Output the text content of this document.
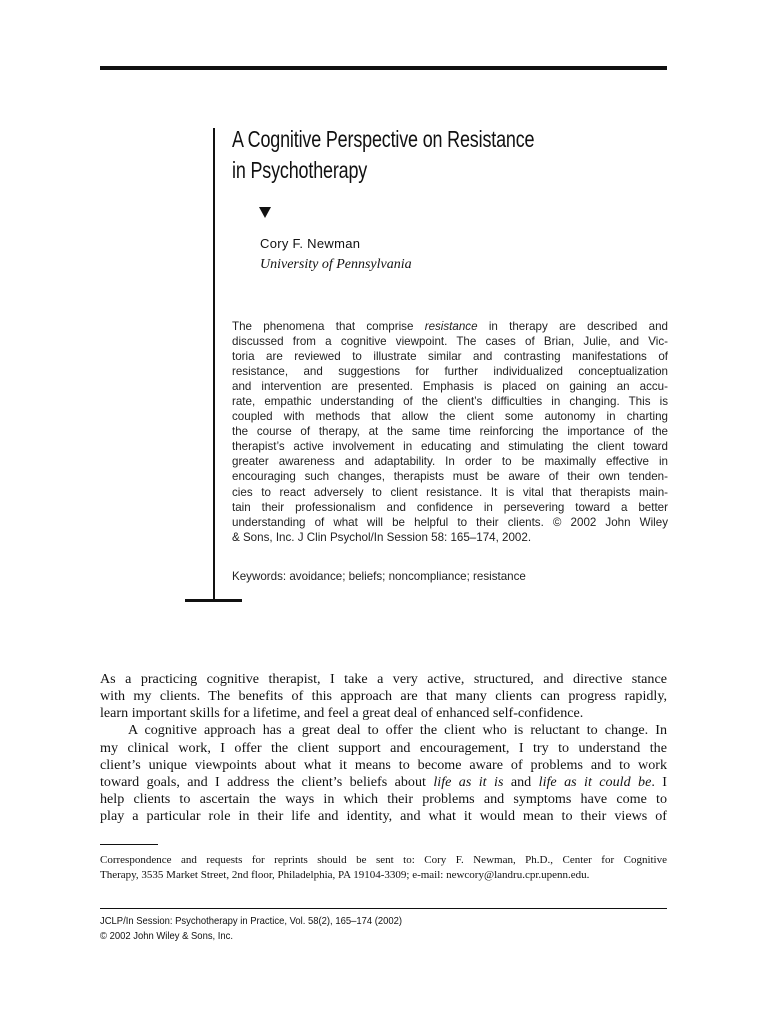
A Cognitive Perspective on Resistance
in Psychotherapy
Cory F. Newman
University of Pennsylvania
The phenomena that comprise resistance in therapy are described and
discussed from a cognitive viewpoint. The cases of Brian, Julie, and Vic-
toria are reviewed to illustrate similar and contrasting manifestations of
resistance, and suggestions for further individualized conceptualization
and intervention are presented. Emphasis is placed on gaining an accu-
rate, empathic understanding of the client’s difficulties in changing. This is
coupled with methods that allow the client some autonomy in charting
the course of therapy, at the same time reinforcing the importance of the
therapist’s active involvement in educating and stimulating the client toward
greater awareness and adaptability. In order to be maximally effective in
encouraging such changes, therapists must be aware of their own tenden-
cies to react adversely to client resistance. It is vital that therapists main-
tain their professionalism and confidence in persevering toward a better
understanding of what will be helpful to their clients. © 2002 John Wiley
& Sons, Inc. J Clin Psychol/In Session 58: 165–174, 2002.
Keywords: avoidance; beliefs; noncompliance; resistance
As a practicing cognitive therapist, I take a very active, structured, and directive stance
with my clients. The benefits of this approach are that many clients can progress rapidly,
learn important skills for a lifetime, and feel a great deal of enhanced self-confidence.
A cognitive approach has a great deal to offer the client who is reluctant to change. In
my clinical work, I offer the client support and encouragement, I try to understand the
client’s unique viewpoints about what it means to become aware of problems and to work
toward goals, and I address the client’s beliefs about life as it is and life as it could be. I
help clients to ascertain the ways in which their problems and symptoms have come to
play a particular role in their life and identity, and what it would mean to their views of
Correspondence and requests for reprints should be sent to: Cory F. Newman, Ph.D., Center for Cognitive
Therapy, 3535 Market Street, 2nd floor, Philadelphia, PA 19104-3309; e-mail: newcory@landru.cpr.upenn.edu.
JCLP/In Session: Psychotherapy in Practice, Vol. 58(2), 165–174 (2002)
© 2002 John Wiley & Sons, Inc.
